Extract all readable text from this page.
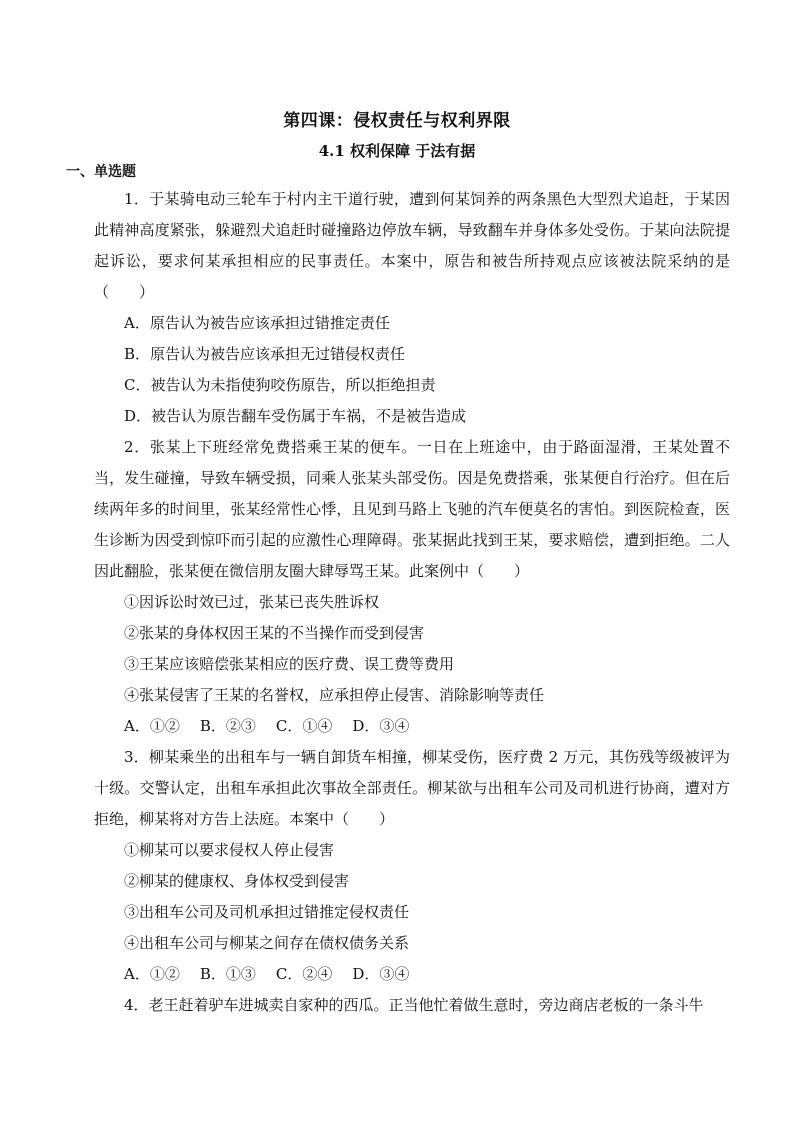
第四课：侵权责任与权利界限
4.1 权利保障 于法有据
一、单选题

1．于某骑电动三轮车于村内主干道行驶，遭到何某饲养的两条黑色大型烈犬追赶，于某因此精神高度紧张，躲避烈犬追赶时碰撞路边停放车辆，导致翻车并身体多处受伤。于某向法院提起诉讼，要求何某承担相应的民事责任。本案中，原告和被告所持观点应该被法院采纳的是（　　）

A．原告认为被告应该承担过错推定责任

B．原告认为被告应该承担无过错侵权责任

C．被告认为未指使狗咬伤原告，所以拒绝担责

D．被告认为原告翻车受伤属于车祸，不是被告造成

2．张某上下班经常免费搭乘王某的便车。一日在上班途中，由于路面湿滑，王某处置不当，发生碰撞，导致车辆受损，同乘人张某头部受伤。因是免费搭乘，张某便自行治疗。但在后续两年多的时间里，张某经常性心悸，且见到马路上飞驰的汽车便莫名的害怕。到医院检查，医生诊断为因受到惊吓而引起的应激性心理障碍。张某据此找到王某，要求赔偿，遭到拒绝。二人因此翻脸，张某便在微信朋友圈大肆辱骂王某。此案例中（　　）

①因诉讼时效已过，张某已丧失胜诉权

②张某的身体权因王某的不当操作而受到侵害

③王某应该赔偿张某相应的医疗费、误工费等费用

④张某侵害了王某的名誉权，应承担停止侵害、消除影响等责任

A．①② B．②③ C．①④ D．③④

3．柳某乘坐的出租车与一辆自卸货车相撞，柳某受伤，医疗费 2 万元，其伤残等级被评为十级。交警认定，出租车承担此次事故全部责任。柳某欲与出租车公司及司机进行协商，遭对方拒绝，柳某将对方告上法庭。本案中（　　）

①柳某可以要求侵权人停止侵害

②柳某的健康权、身体权受到侵害

③出租车公司及司机承担过错推定侵权责任

④出租车公司与柳某之间存在债权债务关系

A．①② B．①③ C．②④ D．③④

4．老王赶着驴车进城卖自家种的西瓜。正当他忙着做生意时，旁边商店老板的一条斗牛
